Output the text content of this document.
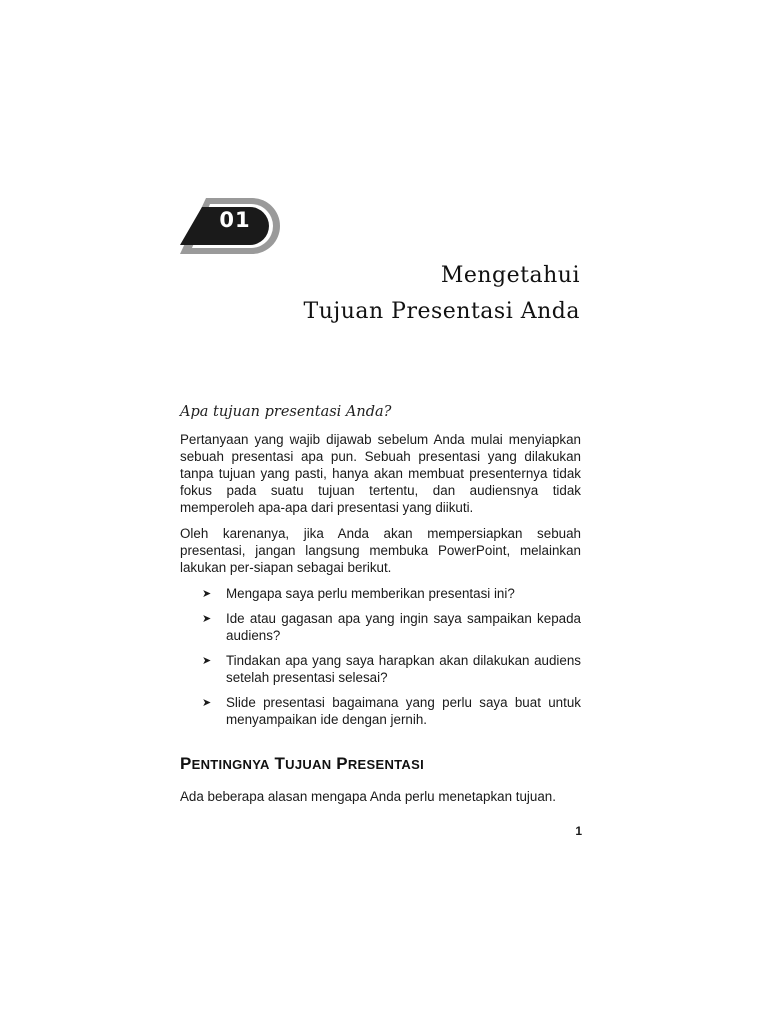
01
Mengetahui
Tujuan Presentasi Anda
Apa tujuan presentasi Anda?

Pertanyaan yang wajib dijawab sebelum Anda mulai menyiapkan sebuah presentasi apa pun. Sebuah presentasi yang dilakukan tanpa tujuan yang pasti, hanya akan membuat presenternya tidak fokus pada suatu tujuan tertentu, dan audiensnya tidak memperoleh apa-apa dari presentasi yang diikuti.

Oleh karenanya, jika Anda akan mempersiapkan sebuah presentasi, jangan langsung membuka PowerPoint, melainkan lakukan per-siapan sebagai berikut.

➤ Mengapa saya perlu memberikan presentasi ini?
➤ Ide atau gagasan apa yang ingin saya sampaikan kepada audiens?
➤ Tindakan apa yang saya harapkan akan dilakukan audiens setelah presentasi selesai?
➤ Slide presentasi bagaimana yang perlu saya buat untuk menyampaikan ide dengan jernih.
PENTINGNYA TUJUAN PRESENTASI

Ada beberapa alasan mengapa Anda perlu menetapkan tujuan.

1
